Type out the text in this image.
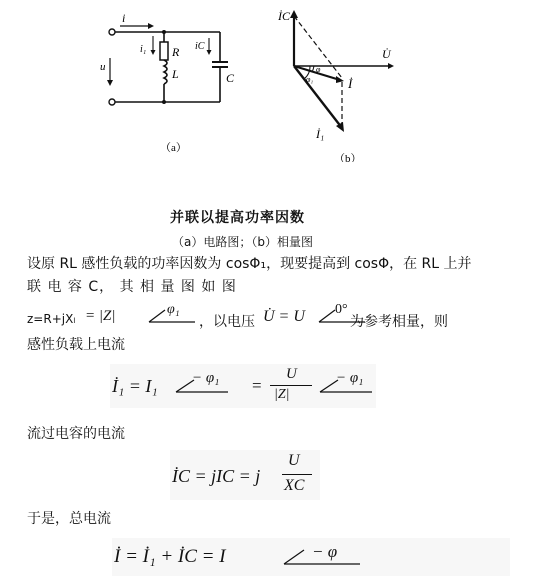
i
u
i₁ R
L
iC
C
（a）
U̇
İC
İ₁
İ
φ
φ₁
（b）
并联以提高功率因数
（a）电路图；（b）相量图
设原 RL 感性负载的功率因数为 cosΦ₁，现要提高到 cosΦ，在 RL 上并
联 电 容 C， 其 相 量 图 如 图
z=R+jXₗ = |Z|	φ₁
，以电压 U̇ = U 0°
为参考相量，则
感性负载上电流
İ₁ = I₁ − φ₁ =
U
|Z|
− φ₁
流过电容的电流
İC = jIC = j
U
XC
于是，总电流
İ = İ₁ + İC = I	− φ
